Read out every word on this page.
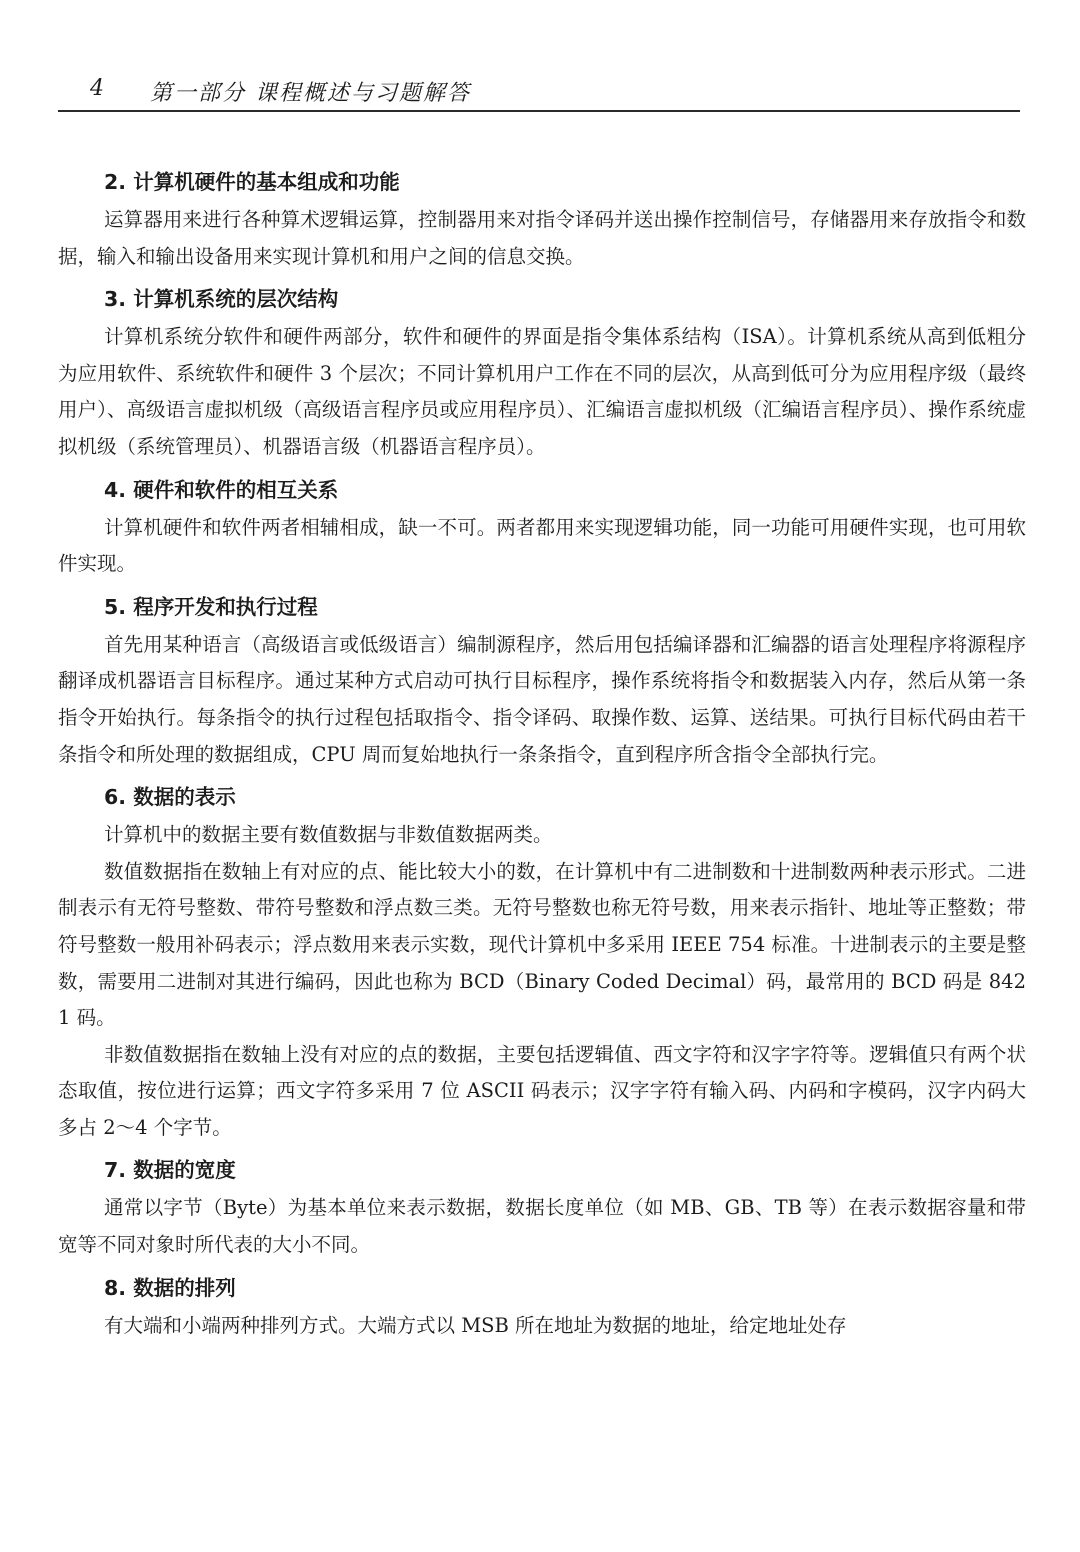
4 第一部分 课程概述与习题解答
2. 计算机硬件的基本组成和功能

运算器用来进行各种算术逻辑运算，控制器用来对指令译码并送出操作控制信号，存储器用来存放指令和数据，输入和输出设备用来实现计算机和用户之间的信息交换。

3. 计算机系统的层次结构

计算机系统分软件和硬件两部分，软件和硬件的界面是指令集体系结构（ISA）。计算机系统从高到低粗分为应用软件、系统软件和硬件 3 个层次；不同计算机用户工作在不同的层次，从高到低可分为应用程序级（最终用户）、高级语言虚拟机级（高级语言程序员或应用程序员）、汇编语言虚拟机级（汇编语言程序员）、操作系统虚拟机级（系统管理员）、机器语言级（机器语言程序员）。

4. 硬件和软件的相互关系

计算机硬件和软件两者相辅相成，缺一不可。两者都用来实现逻辑功能，同一功能可用硬件实现，也可用软件实现。

5. 程序开发和执行过程

首先用某种语言（高级语言或低级语言）编制源程序，然后用包括编译器和汇编器的语言处理程序将源程序翻译成机器语言目标程序。通过某种方式启动可执行目标程序，操作系统将指令和数据装入内存，然后从第一条指令开始执行。每条指令的执行过程包括取指令、指令译码、取操作数、运算、送结果。可执行目标代码由若干条指令和所处理的数据组成，CPU 周而复始地执行一条条指令，直到程序所含指令全部执行完。

6. 数据的表示

计算机中的数据主要有数值数据与非数值数据两类。

数值数据指在数轴上有对应的点、能比较大小的数，在计算机中有二进制数和十进制数两种表示形式。二进制表示有无符号整数、带符号整数和浮点数三类。无符号整数也称无符号数，用来表示指针、地址等正整数；带符号整数一般用补码表示；浮点数用来表示实数，现代计算机中多采用 IEEE 754 标准。十进制表示的主要是整数，需要用二进制对其进行编码，因此也称为 BCD（Binary Coded Decimal）码，最常用的 BCD 码是 8421 码。

非数值数据指在数轴上没有对应的点的数据，主要包括逻辑值、西文字符和汉字字符等。逻辑值只有两个状态取值，按位进行运算；西文字符多采用 7 位 ASCII 码表示；汉字字符有输入码、内码和字模码，汉字内码大多占 2～4 个字节。

7. 数据的宽度

通常以字节（Byte）为基本单位来表示数据，数据长度单位（如 MB、GB、TB 等）在表示数据容量和带宽等不同对象时所代表的大小不同。

8. 数据的排列

有大端和小端两种排列方式。大端方式以 MSB 所在地址为数据的地址，给定地址处存
